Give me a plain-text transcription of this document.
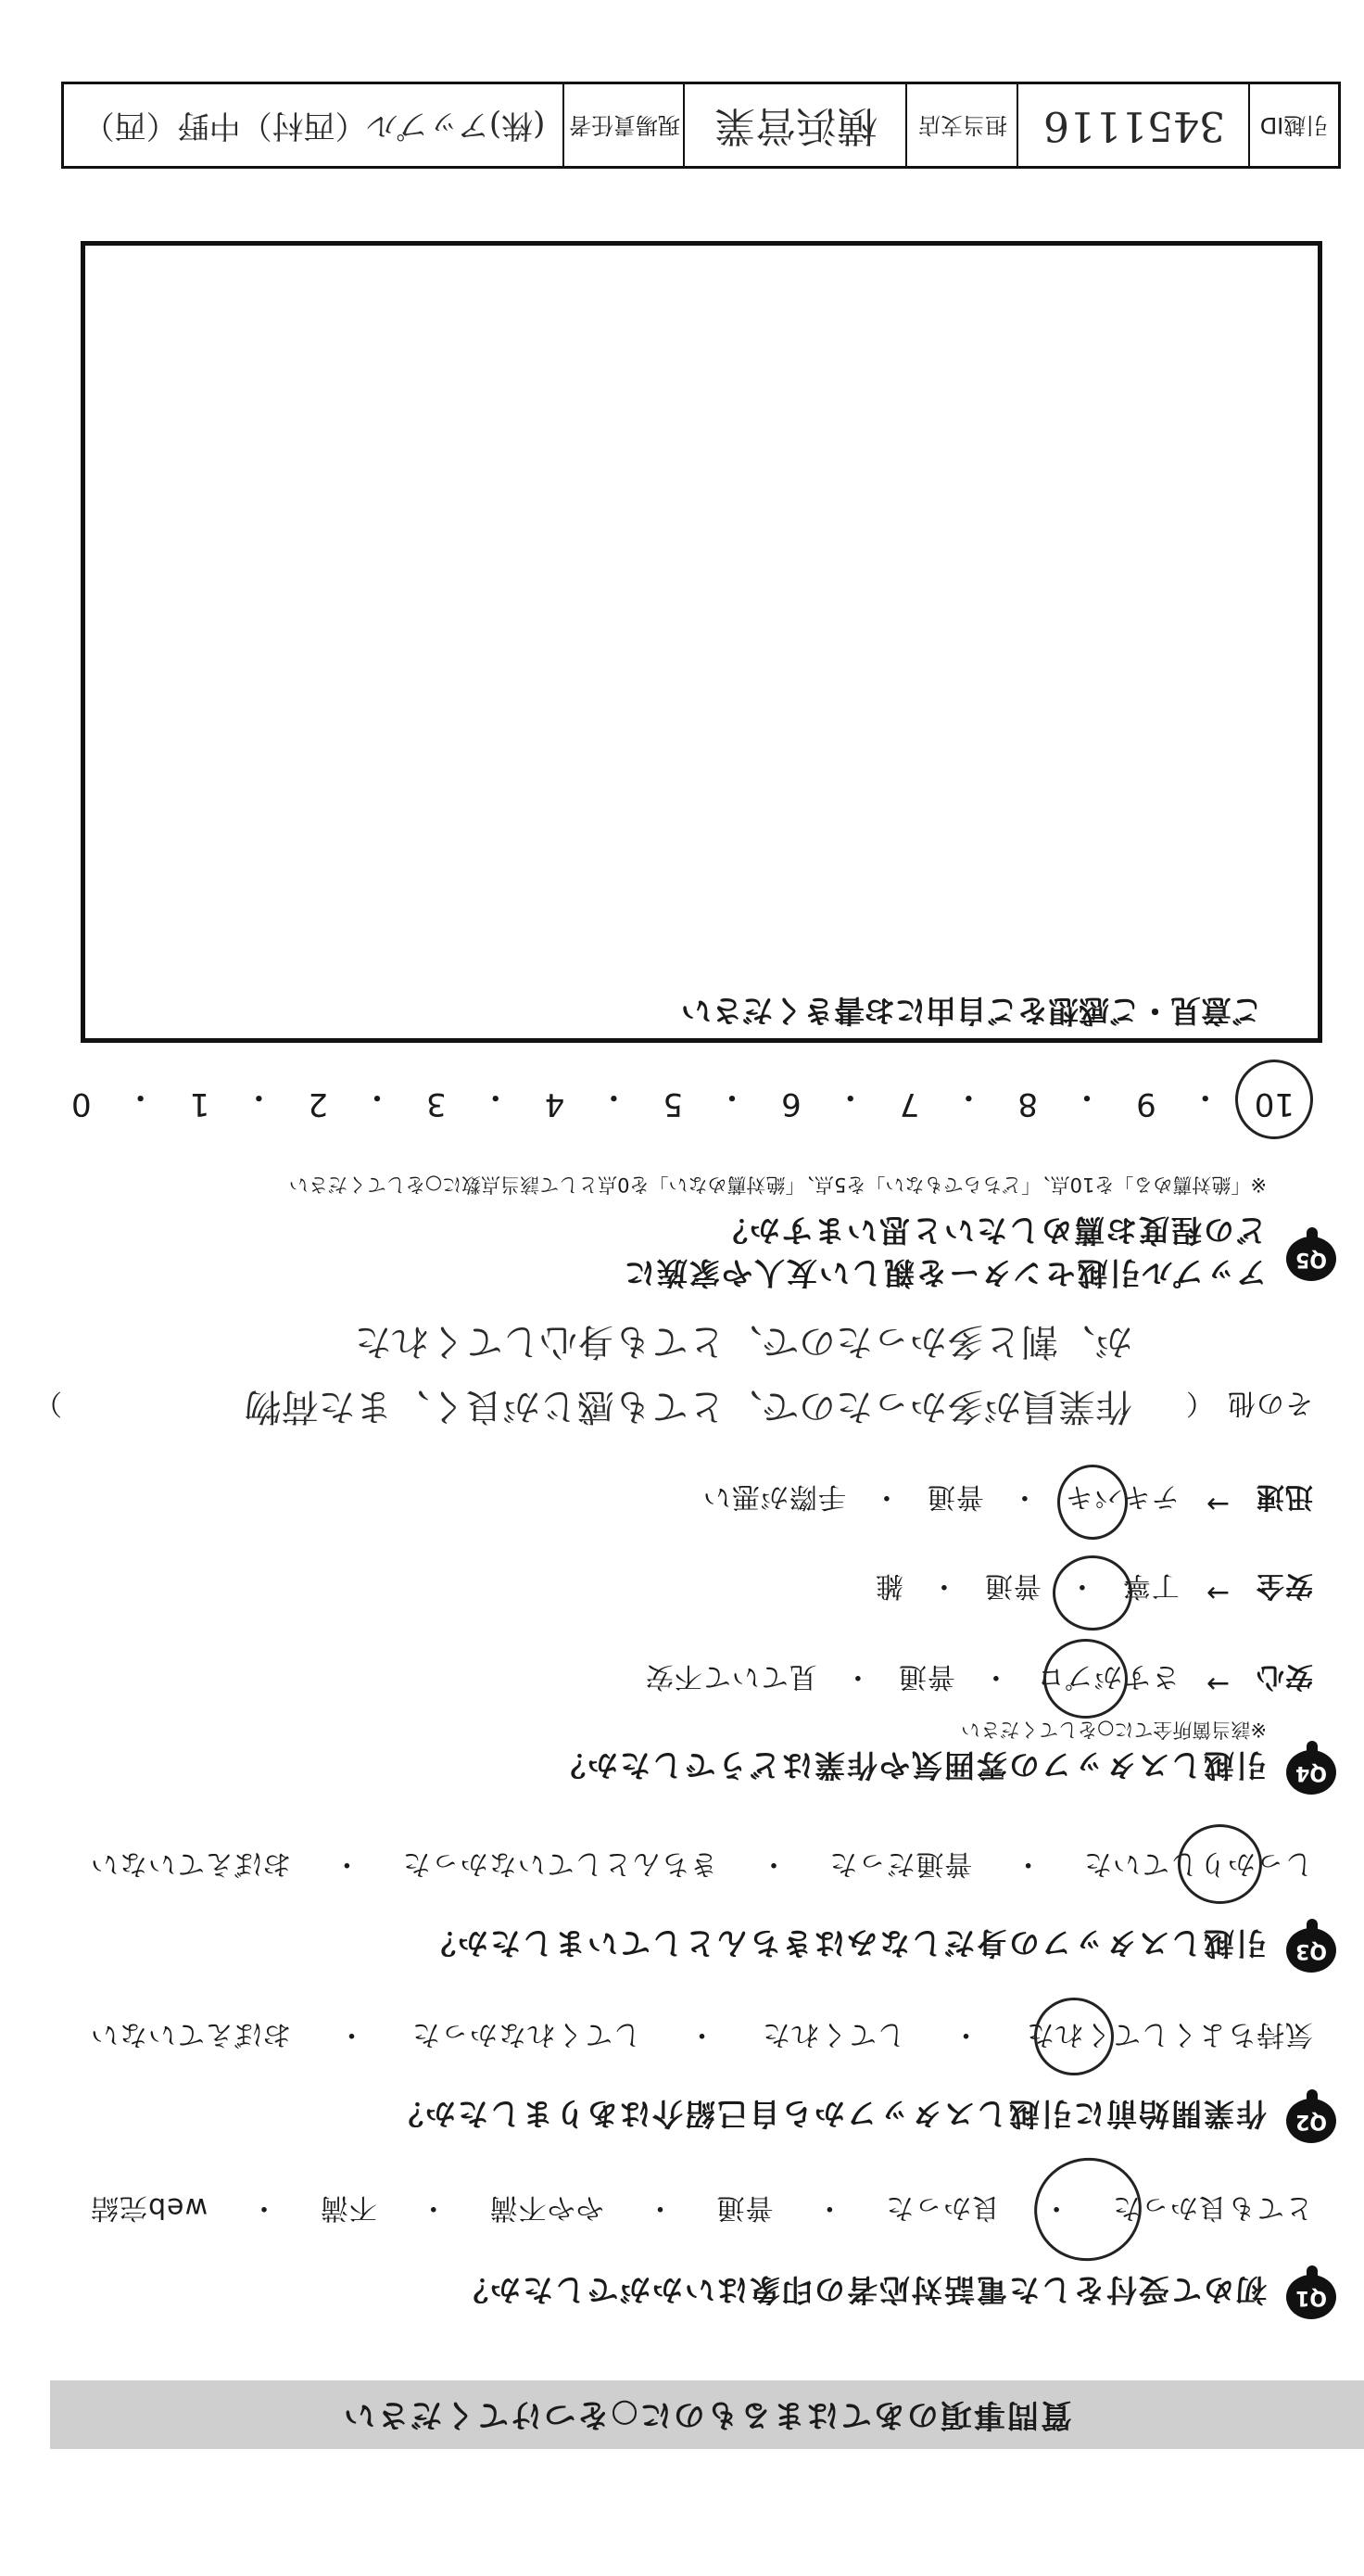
質問事項のあてはまるものに○をつけてください
Q1
初めて受付をした電話対応者の印象はいかがでしたか？
とても良かった
・
良かった
・
普通
・
やや不満
・
不満
・
web完結
Q2
作業開始前に引越しスタッフから自己紹介はありましたか？
気持ちよくしてくれた
・
してくれた
・
してくれなかった
・
おぼえていない
Q3
引越しスタッフの身だしなみはきちんとしていましたか？
しっかりしていた
・
普通だった
・
きちんとしていなかった
・
おぼえていない
Q4
引越しスタッフの雰囲気や作業はどうでしたか？
※該当箇所全てに○をしてください
安心
→
さすがプロ
・
普通
・
見ていて不安
安全
→
丁寧
・
普通
・
雑
迅速
→
テキパキ
・
普通
・
手際が悪い
その他
（
作業員が多かったので、とても感じが良く、また荷物
）
が、割と多かったので、とても身心してくれた
Q5
アップル引越センターを親しい友人や家族に
どの程度お薦めしたいと思いますか？
※「絶対薦める」を10点、「どちらでもない」を5点、「絶対薦めない」を0点として該当点数に○をしてください
10
・
9
・
8
・
7
・
6
・
5
・
4
・
3
・
2
・
1
・
0
ご意見・ご感想をご自由にお書きください
引越ID
3451116
担当支店
横浜営業
現場責任者
(株)アップル（西村）中野（西）
